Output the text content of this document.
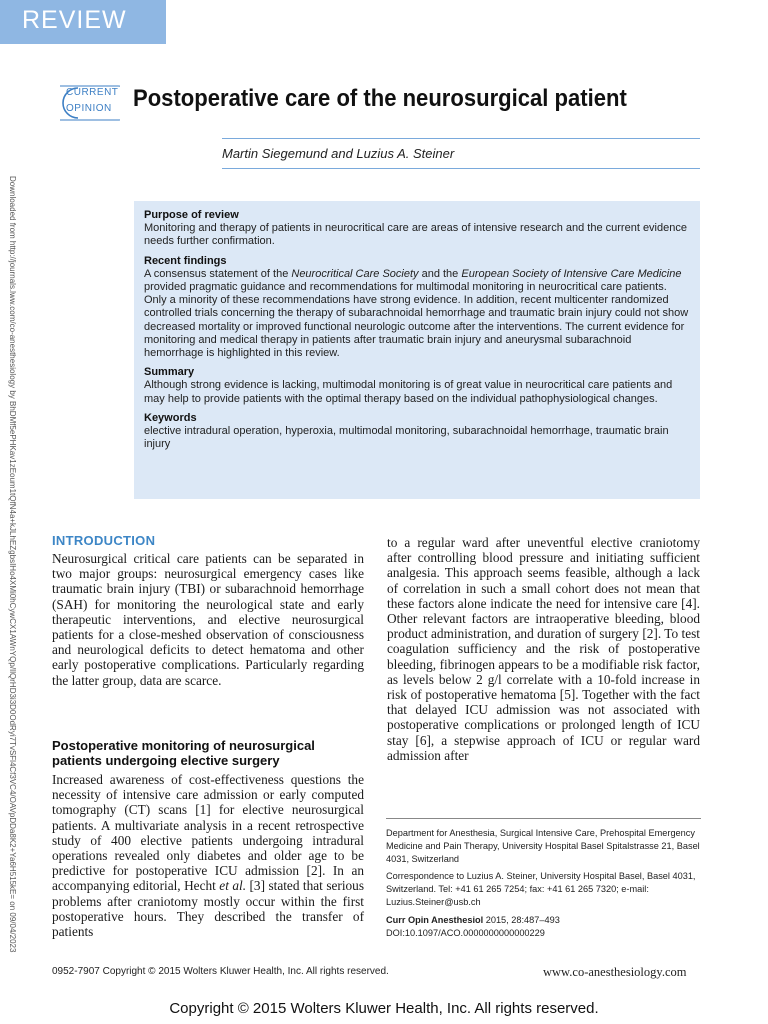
REVIEW
CURRENT
OPINION Postoperative care of the neurosurgical patient
Martin Siegemund and Luzius A. Steiner
Downloaded from http://journals.lww.com/co-anesthesiology by BhDMf5ePHKav1zEoum1tQfN4a+kJLhEZgbsIHo4XMi0hCywCX1AWnYQp/IlQrHD3i3D0OdRyi7TvSFl4Cf3VC4/OAVpDDa8K2+Ya6H515kE= on 09/04/2023	Purpose of review

Monitoring and therapy of patients in neurocritical care are areas of intensive research and the current evidence needs further confirmation.

Recent findings

A consensus statement of the Neurocritical Care Society and the European Society of Intensive Care Medicine provided pragmatic guidance and recommendations for multimodal monitoring in neurocritical care patients. Only a minority of these recommendations have strong evidence. In addition, recent multicenter randomized controlled trials concerning the therapy of subarachnoidal hemorrhage and traumatic brain injury could not show decreased mortality or improved functional neurologic outcome after the interventions. The current evidence for monitoring and medical therapy in patients after traumatic brain injury and aneurysmal subarachnoid hemorrhage is highlighted in this review.

Summary

Although strong evidence is lacking, multimodal monitoring is of great value in neurocritical care patients and may help to provide patients with the optimal therapy based on the individual pathophysiological changes.

Keywords

elective intradural operation, hyperoxia, multimodal monitoring, subarachnoidal hemorrhage, traumatic brain injury

INTRODUCTION
Neurosurgical critical care patients can be separated in two major groups: neurosurgical emergency cases like traumatic brain injury (TBI) or subarachnoid hemorrhage (SAH) for monitoring the neurological state and early therapeutic interventions, and elective neurosurgical patients for a close-meshed observation of consciousness and neurological deficits to detect hematoma and other early postoperative complications. Particularly regarding the latter group, data are scarce.
Postoperative monitoring of neurosurgical patients undergoing elective surgery
Increased awareness of cost-effectiveness questions the necessity of intensive care admission or early computed tomography (CT) scans [1] for elective neurosurgical patients. A multivariate analysis in a recent retrospective study of 400 elective patients undergoing intradural operations revealed only diabetes and older age to be predictive for postoperative ICU admission [2]. In an accompanying editorial, Hecht et al. [3] stated that serious problems after craniotomy mostly occur within the first postoperative hours. They described the transfer of patients
to a regular ward after uneventful elective craniotomy after controlling blood pressure and initiating sufficient analgesia. This approach seems feasible, although a lack of correlation in such a small cohort does not mean that these factors alone indicate the need for intensive care [4]. Other relevant factors are intraoperative bleeding, blood product administration, and duration of surgery [2]. To test coagulation sufficiency and the risk of postoperative bleeding, fibrinogen appears to be a modifiable risk factor, as levels below 2 g/l correlate with a 10-fold increase in risk of postoperative hematoma [5]. Together with the fact that delayed ICU admission was not associated with postoperative complications or prolonged length of ICU stay [6], a stepwise approach of ICU or regular ward admission after

Department for Anesthesia, Surgical Intensive Care, Prehospital Emergency Medicine and Pain Therapy, University Hospital Basel Spitalstrasse 21, Basel 4031, Switzerland

Correspondence to Luzius A. Steiner, University Hospital Basel, Basel 4031, Switzerland. Tel: +41 61 265 7254; fax: +41 61 265 7320; e-mail: Luzius.Steiner@usb.ch

Curr Opin Anesthesiol 2015, 28:487–493

DOI:10.1097/ACO.0000000000000229

0952-7907 Copyright © 2015 Wolters Kluwer Health, Inc. All rights reserved.	www.co-anesthesiology.com
Copyright © 2015 Wolters Kluwer Health, Inc. All rights reserved.
